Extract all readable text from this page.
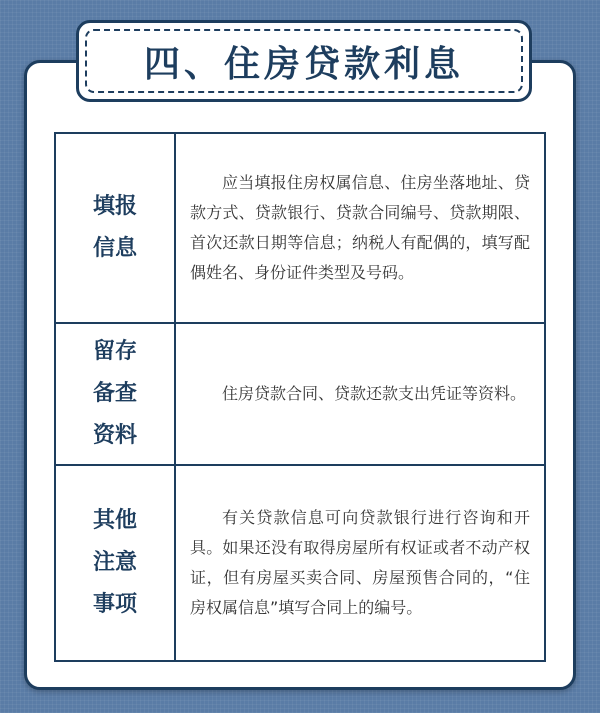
四、住房贷款利息
填报
信息	应当填报住房权属信息、住房坐落地址、贷款方式、贷款银行、贷款合同编号、贷款期限、首次还款日期等信息；纳税人有配偶的，填写配偶姓名、身份证件类型及号码。

留存
备查
资料	住房贷款合同、贷款还款支出凭证等资料。

其他
注意
事项	有关贷款信息可向贷款银行进行咨询和开具。如果还没有取得房屋所有权证或者不动产权证，但有房屋买卖合同、房屋预售合同的，“住房权属信息”填写合同上的编号。
